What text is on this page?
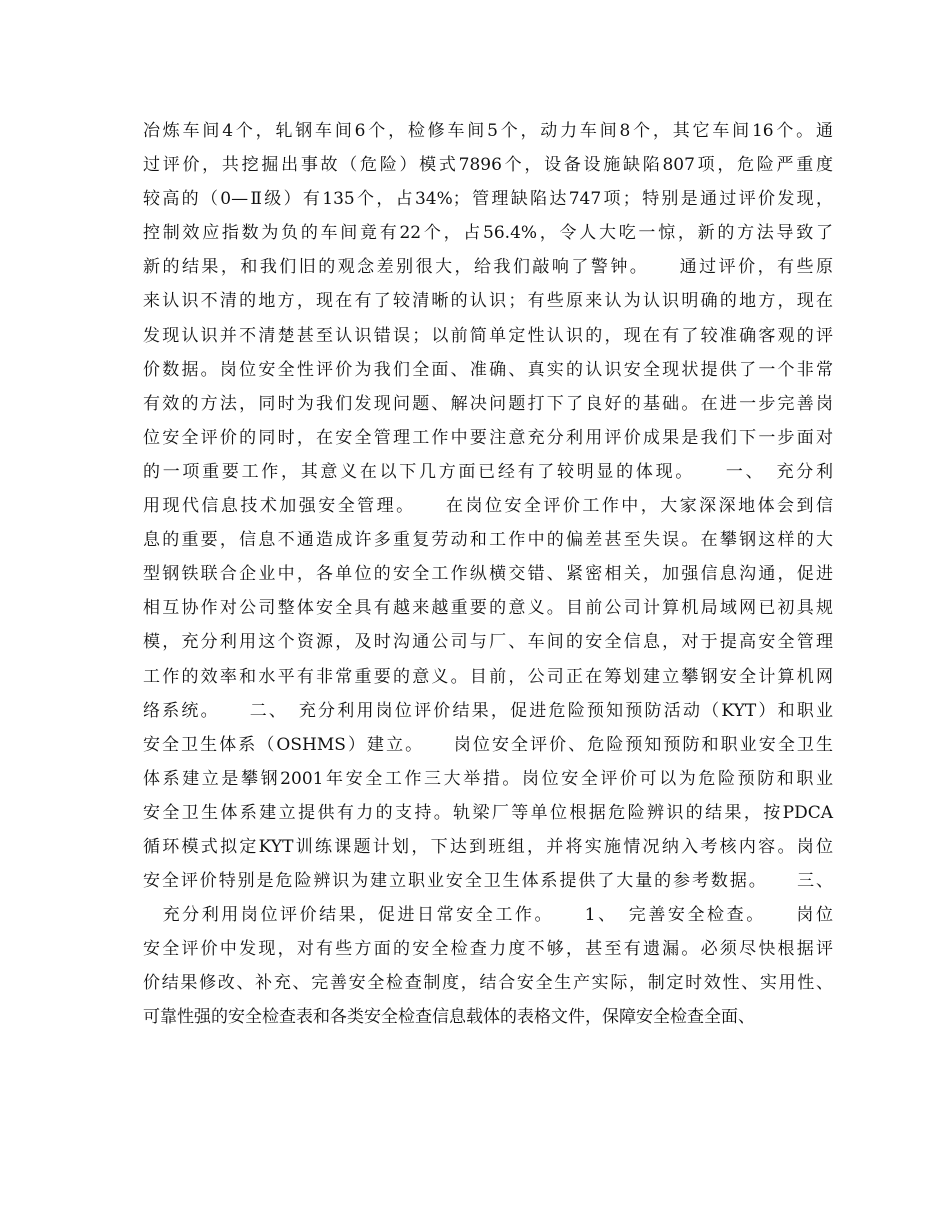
冶炼车间4个，轧钢车间6个，检修车间5个，动力车间8个，其它车间16个。通
过评价，共挖掘出事故（危险）模式7896个，设备设施缺陷807项，危险严重度
较高的（0—Ⅱ级）有135个，占34%；管理缺陷达747项；特别是通过评价发现，
控制效应指数为负的车间竟有22个，占56.4%，令人大吃一惊，新的方法导致了
新的结果，和我们旧的观念差别很大，给我们敲响了警钟。　　通过评价，有些原
来认识不清的地方，现在有了较清晰的认识；有些原来认为认识明确的地方，现在
发现认识并不清楚甚至认识错误；以前简单定性认识的，现在有了较准确客观的评
价数据。岗位安全性评价为我们全面、准确、真实的认识安全现状提供了一个非常
有效的方法，同时为我们发现问题、解决问题打下了良好的基础。在进一步完善岗
位安全评价的同时，在安全管理工作中要注意充分利用评价成果是我们下一步面对
的一项重要工作，其意义在以下几方面已经有了较明显的体现。　　一、　充分利
用现代信息技术加强安全管理。　　在岗位安全评价工作中，大家深深地体会到信
息的重要，信息不通造成许多重复劳动和工作中的偏差甚至失误。在攀钢这样的大
型钢铁联合企业中，各单位的安全工作纵横交错、紧密相关，加强信息沟通，促进
相互协作对公司整体安全具有越来越重要的意义。目前公司计算机局域网已初具规
模，充分利用这个资源，及时沟通公司与厂、车间的安全信息，对于提高安全管理
工作的效率和水平有非常重要的意义。目前，公司正在筹划建立攀钢安全计算机网
络系统。　　二、　充分利用岗位评价结果，促进危险预知预防活动（KYT）和职业
安全卫生体系（OSHMS）建立。　　岗位安全评价、危险预知预防和职业安全卫生
体系建立是攀钢2001年安全工作三大举措。岗位安全评价可以为危险预防和职业
安全卫生体系建立提供有力的支持。轨梁厂等单位根据危险辨识的结果，按PDCA
循环模式拟定KYT训练课题计划，下达到班组，并将实施情况纳入考核内容。岗位
安全评价特别是危险辨识为建立职业安全卫生体系提供了大量的参考数据。　　三、
　充分利用岗位评价结果，促进日常安全工作。　　1、　完善安全检查。　　岗位
安全评价中发现，对有些方面的安全检查力度不够，甚至有遗漏。必须尽快根据评
价结果修改、补充、完善安全检查制度，结合安全生产实际，制定时效性、实用性、
可靠性强的安全检查表和各类安全检查信息载体的表格文件，保障安全检查全面、
